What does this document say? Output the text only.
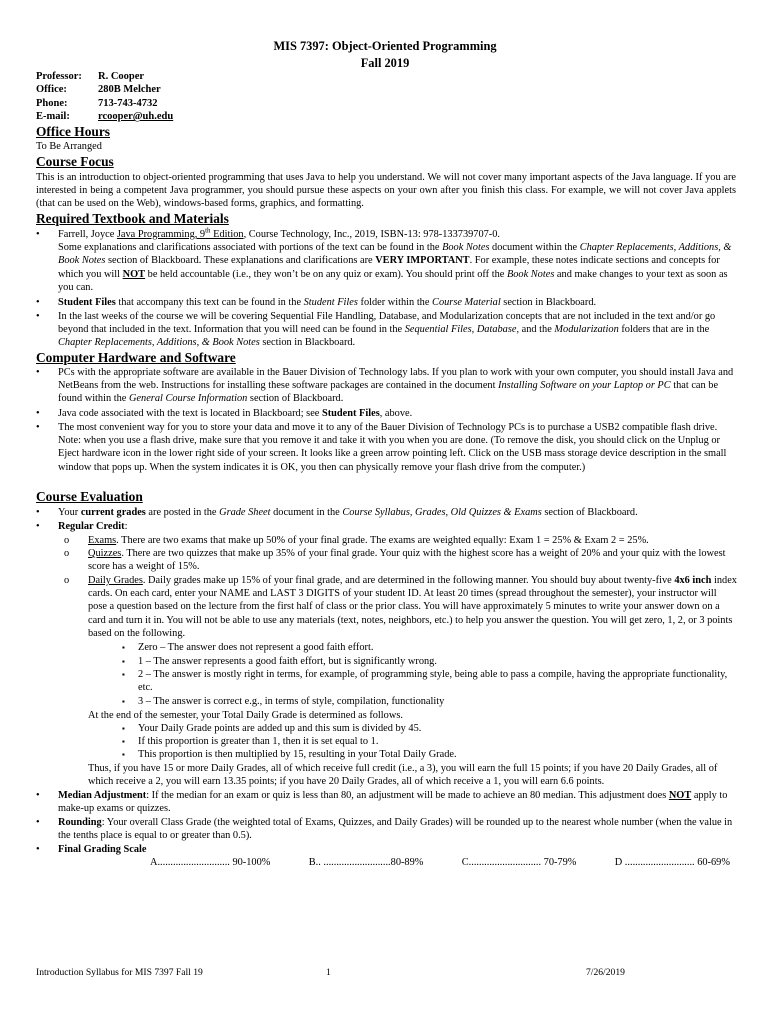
MIS 7397: Object-Oriented Programming
Fall 2019
Professor:	R. Cooper
Office:	280B Melcher
Phone:	713-743-4732
E-mail:	rcooper@uh.edu
Office Hours
To Be Arranged
Course Focus
This is an introduction to object-oriented programming that uses Java to help you understand. We will not cover many important aspects of the Java language. If you are interested in being a competent Java programmer, you should pursue these aspects on your own after you finish this class. For example, we will not cover Java applets (that can be used on the Web), windows-based forms, graphics, and formatting.
Required Textbook and Materials
•	Farrell, Joyce Java Programming, 9th Edition, Course Technology, Inc., 2019, ISBN-13: 978-133739707-0.
Some explanations and clarifications associated with portions of the text can be found in the Book Notes document within the Chapter Replacements, Additions, & Book Notes section of Blackboard. These explanations and clarifications are VERY IMPORTANT. For example, these notes indicate sections and concepts for which you will NOT be held accountable (i.e., they won’t be on any quiz or exam). You should print off the Book Notes and make changes to your text as soon as you can.
•	Student Files that accompany this text can be found in the Student Files folder within the Course Material section in Blackboard.
•	In the last weeks of the course we will be covering Sequential File Handling, Database, and Modularization concepts that are not included in the text and/or go beyond that included in the text. Information that you will need can be found in the Sequential Files, Database, and the Modularization folders that are in the Chapter Replacements, Additions, & Book Notes section in Blackboard.
Computer Hardware and Software
•	PCs with the appropriate software are available in the Bauer Division of Technology labs. If you plan to work with your own computer, you should install Java and NetBeans from the web. Instructions for installing these software packages are contained in the document Installing Software on your Laptop or PC that can be found within the General Course Information section of Blackboard.
•	Java code associated with the text is located in Blackboard; see Student Files, above.
•	The most convenient way for you to store your data and move it to any of the Bauer Division of Technology PCs is to purchase a USB2 compatible flash drive. Note: when you use a flash drive, make sure that you remove it and take it with you when you are done. (To remove the disk, you should click on the Unplug or Eject hardware icon in the lower right side of your screen. It looks like a green arrow pointing left. Click on the USB mass storage device description in the small window that pops up. When the system indicates it is OK, you then can physically remove your flash drive from the computer.)
Course Evaluation
•	Your current grades are posted in the Grade Sheet document in the Course Syllabus, Grades, Old Quizzes & Exams section of Blackboard.
•	Regular Credit:
o	Exams. There are two exams that make up 50% of your final grade. The exams are weighted equally: Exam 1 = 25% & Exam 2 = 25%.
o	Quizzes. There are two quizzes that make up 35% of your final grade. Your quiz with the highest score has a weight of 20% and your quiz with the lowest score has a weight of 15%.
o	Daily Grades. Daily grades make up 15% of your final grade, and are determined in the following manner. You should buy about twenty-five 4x6 inch index cards. On each card, enter your NAME and LAST 3 DIGITS of your student ID. At least 20 times (spread throughout the semester), your instructor will pose a question based on the lecture from the first half of class or the prior class. You will have approximately 5 minutes to write your answer down on a card and turn it in. You will not be able to use any materials (text, notes, neighbors, etc.) to help you answer the question. You will get zero, 1, 2, or 3 points based on the following.
▪	Zero – The answer does not represent a good faith effort.
▪	1 – The answer represents a good faith effort, but is significantly wrong.
▪	2 – The answer is mostly right in terms, for example, of programming style, being able to pass a compile, having the appropriate functionality, etc.
▪	3 – The answer is correct e.g., in terms of style, compilation, functionality
At the end of the semester, your Total Daily Grade is determined as follows.
▪	Your Daily Grade points are added up and this sum is divided by 45.
▪	If this proportion is greater than 1, then it is set equal to 1.
▪	This proportion is then multiplied by 15, resulting in your Total Daily Grade.
Thus, if you have 15 or more Daily Grades, all of which receive full credit (i.e., a 3), you will earn the full 15 points; if you have 20 Daily Grades, all of which receive a 2, you will earn 13.35 points; if you have 20 Daily Grades, all of which receive a 1, you will earn 6.6 points.
•	Median Adjustment: If the median for an exam or quiz is less than 80, an adjustment will be made to achieve an 80 median. This adjustment does NOT apply to make-up exams or quizzes.
•	Rounding: Your overall Class Grade (the weighted total of Exams, Quizzes, and Daily Grades) will be rounded up to the nearest whole number (when the value in the tenths place is equal to or greater than 0.5).
•	Final Grading Scale
A............................ 90-100%	B.. ..........................80-89%	C............................ 70-79%	D ........................... 60-69%
Introduction Syllabus for MIS 7397 Fall 19	1	7/26/2019
